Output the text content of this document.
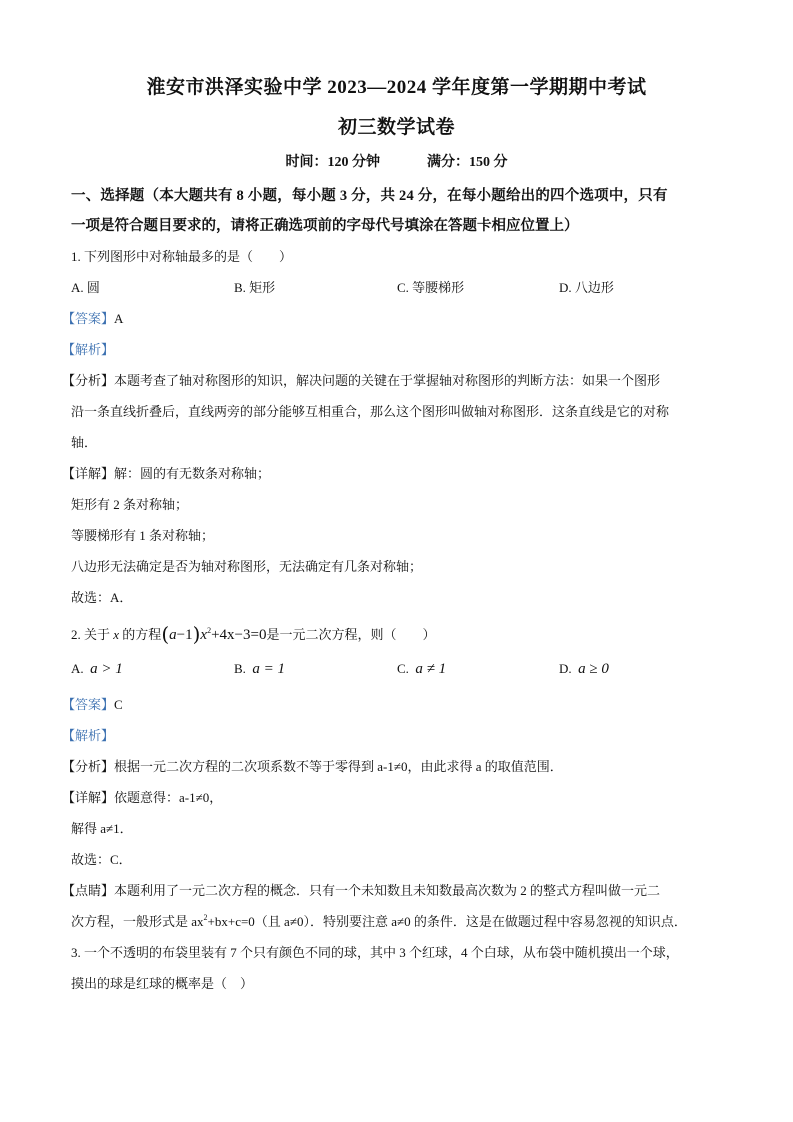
淮安市洪泽实验中学 2023—2024 学年度第一学期期中考试
初三数学试卷
时间：120 分钟	满分：150 分
一、选择题（本大题共有 8 小题，每小题 3 分，共 24 分，在每小题给出的四个选项中，只有
一项是符合题目要求的，请将正确选项前的字母代号填涂在答题卡相应位置上）
1. 下列图形中对称轴最多的是（　　）
A. 圆	B. 矩形	C. 等腰梯形	D. 八边形
【答案】A
【解析】
【分析】本题考查了轴对称图形的知识，解决问题的关键在于掌握轴对称图形的判断方法：如果一个图形
沿一条直线折叠后，直线两旁的部分能够互相重合，那么这个图形叫做轴对称图形．这条直线是它的对称
轴．
【详解】解：圆的有无数条对称轴；
矩形有 2 条对称轴；
等腰梯形有 1 条对称轴；
八边形无法确定是否为轴对称图形，无法确定有几条对称轴；
故选：A．
2. 关于 x 的方程$(a-1)x^2+4x-3=0$是一元二次方程，则（　　）
A. a > 1	B. a = 1	C. a ≠ 1	D. a ≥ 0
【答案】C
【解析】
【分析】根据一元二次方程的二次项系数不等于零得到 a-1≠0，由此求得 a 的取值范围．
【详解】依题意得：a-1≠0，
解得 a≠1．
故选：C．
【点睛】本题利用了一元二次方程的概念．只有一个未知数且未知数最高次数为 2 的整式方程叫做一元二
次方程，一般形式是 $ax^2+bx+c=0$（且 a≠0）．特别要注意 a≠0 的条件．这是在做题过程中容易忽视的知识点．
3. 一个不透明的布袋里装有 7 个只有颜色不同的球，其中 3 个红球，4 个白球，从布袋中随机摸出一个球，
摸出的球是红球的概率是（　）
